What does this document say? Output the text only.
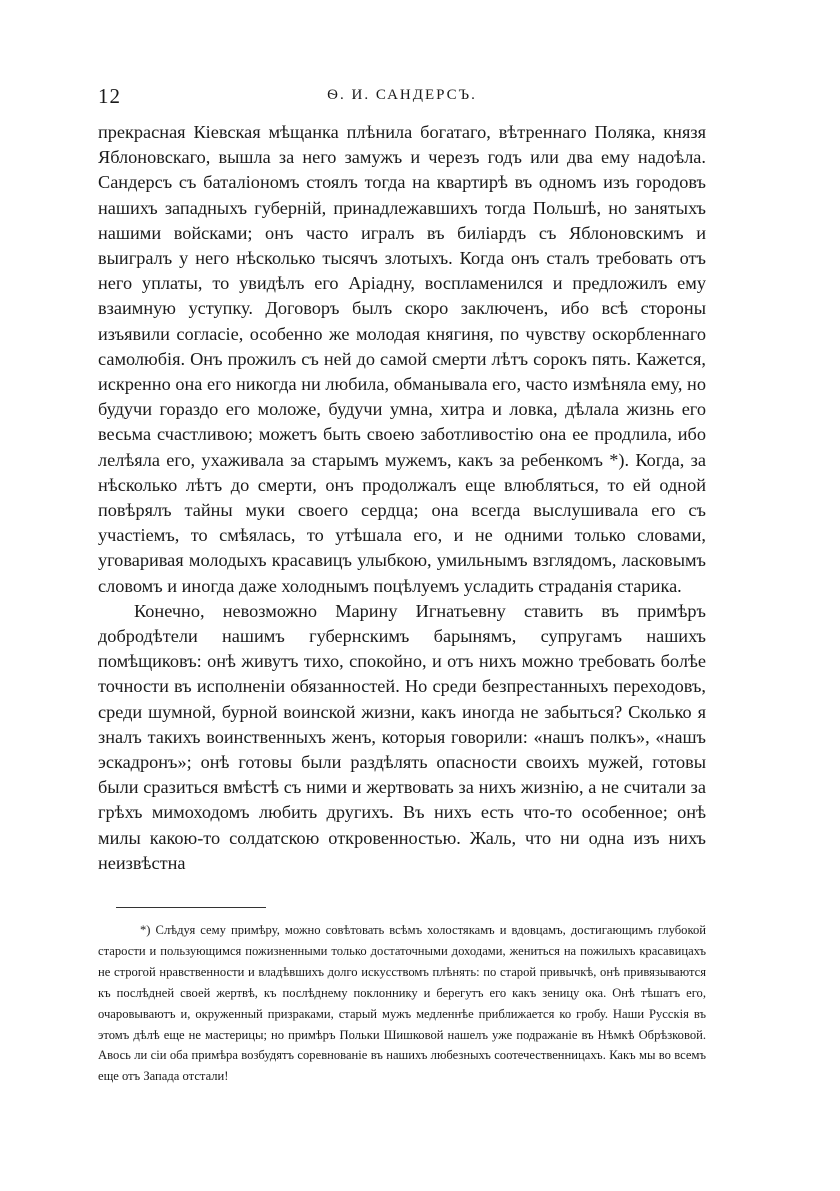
12	Ѳ. И. САНДЕРСЪ.

прекрасная Кіевская мѣщанка плѣнила богатаго, вѣтреннаго Поляка, князя Яблоновскаго, вышла за него замужъ и черезъ годъ или два ему надоѣла. Сандерсъ съ баталіономъ стоялъ тогда на квартирѣ въ одномъ изъ городовъ нашихъ западныхъ губерній, принадлежавшихъ тогда Польшѣ, но занятыхъ нашими войсками; онъ часто игралъ въ биліардъ съ Яблоновскимъ и выигралъ у него нѣсколько тысячъ злотыхъ. Когда онъ сталъ требовать отъ него уплаты, то увидѣлъ его Аріадну, воспламенился и предложилъ ему взаимную уступку. Договоръ былъ скоро заключенъ, ибо всѣ стороны изъявили согласіе, особенно же молодая княгиня, по чувству оскорбленнаго самолюбія. Онъ прожилъ съ ней до самой смерти лѣтъ сорокъ пять. Кажется, искренно она его никогда ни любила, обманывала его, часто измѣняла ему, но будучи гораздо его моложе, будучи умна, хитра и ловка, дѣлала жизнь его весьма счастливою; можетъ быть своею заботливостію она ее продлила, ибо лелѣяла его, ухаживала за старымъ мужемъ, какъ за ребенкомъ *). Когда, за нѣсколько лѣтъ до смерти, онъ продолжалъ еще влюбляться, то ей одной повѣрялъ тайны муки своего сердца; она всегда выслушивала его съ участіемъ, то смѣялась, то утѣшала его, и не одними только словами, уговаривая молодыхъ красавицъ улыбкою, умильнымъ взглядомъ, ласковымъ словомъ и иногда даже холоднымъ поцѣлуемъ усладить страданія старика.

Конечно, невозможно Марину Игнатьевну ставить въ примѣръ добродѣтели нашимъ губернскимъ барынямъ, супругамъ нашихъ помѣщиковъ: онѣ живутъ тихо, спокойно, и отъ нихъ можно требовать болѣе точности въ исполненіи обязанностей. Но среди безпрестанныхъ переходовъ, среди шумной, бурной воинской жизни, какъ иногда не забыться? Сколько я зналъ такихъ воинственныхъ женъ, которыя говорили: «нашъ полкъ», «нашъ эскадронъ»; онѣ готовы были раздѣлять опасности своихъ мужей, готовы были сразиться вмѣстѣ съ ними и жертвовать за нихъ жизнію, а не считали за грѣхъ мимоходомъ любить другихъ. Въ нихъ есть что-то особенное; онѣ милы какою-то солдатскою откровенностью. Жаль, что ни одна изъ нихъ неизвѣстна

*) Слѣдуя сему примѣру, можно совѣтовать всѣмъ холостякамъ и вдовцамъ, достигающимъ глубокой старости и пользующимся пожизненными только достаточными доходами, жениться на пожилыхъ красавицахъ не строгой нравственности и владѣвшихъ долго искусствомъ плѣнять: по старой привычкѣ, онѣ привязываются къ послѣдней своей жертвѣ, къ послѣднему поклоннику и берегутъ его какъ зеницу ока. Онѣ тѣшатъ его, очаровываютъ и, окруженный призраками, старый мужъ медленнѣе приближается ко гробу. Наши Русскія въ этомъ дѣлѣ еще не мастерицы; но примѣръ Польки Шишковой нашелъ уже подражаніе въ Нѣмкѣ Обрѣзковой. Авось ли сіи оба примѣра возбудятъ соревнованіе въ нашихъ любезныхъ соотечественницахъ. Какъ мы во всемъ еще отъ Запада отстали!
